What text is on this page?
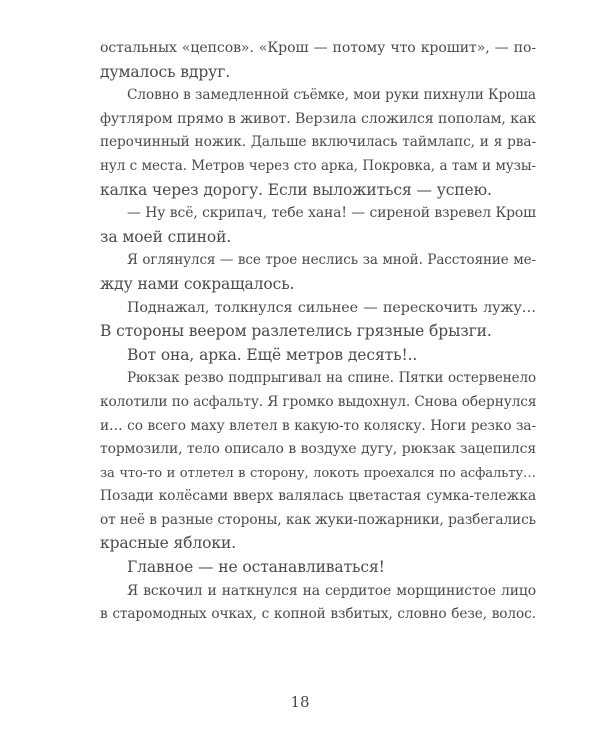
остальных «цепсов». «Крош — потому что крошит», — по-
думалось вдруг.
Словно в замедленной съёмке, мои руки пихнули Кроша
футляром прямо в живот. Верзила сложился пополам, как
перочинный ножик. Дальше включилась таймлапс, и я рва-
нул с места. Метров через сто арка, Покровка, а там и музы-
калка через дорогу. Если выложиться — успею.
— Ну всё, скрипач, тебе хана! — сиреной взревел Крош
за моей спиной.
Я оглянулся — все трое неслись за мной. Расстояние ме-
жду нами сокращалось.
Поднажал, толкнулся сильнее — перескочить лужу…
В стороны веером разлетелись грязные брызги.
Вот она, арка. Ещё метров десять!..
Рюкзак резво подпрыгивал на спине. Пятки остервенело
колотили по асфальту. Я громко выдохнул. Снова обернулся
и… со всего маху влетел в какую-то коляску. Ноги резко за-
тормозили, тело описало в воздухе дугу, рюкзак зацепился
за что-то и отлетел в сторону, локоть проехался по асфальту…
Позади колёсами вверх валялась цветастая сумка-тележка
от неё в разные стороны, как жуки-пожарники, разбегались
красные яблоки.
Главное — не останавливаться!
Я вскочил и наткнулся на сердитое морщинистое лицо
в старомодных очках, с копной взбитых, словно безе, волос.
18
